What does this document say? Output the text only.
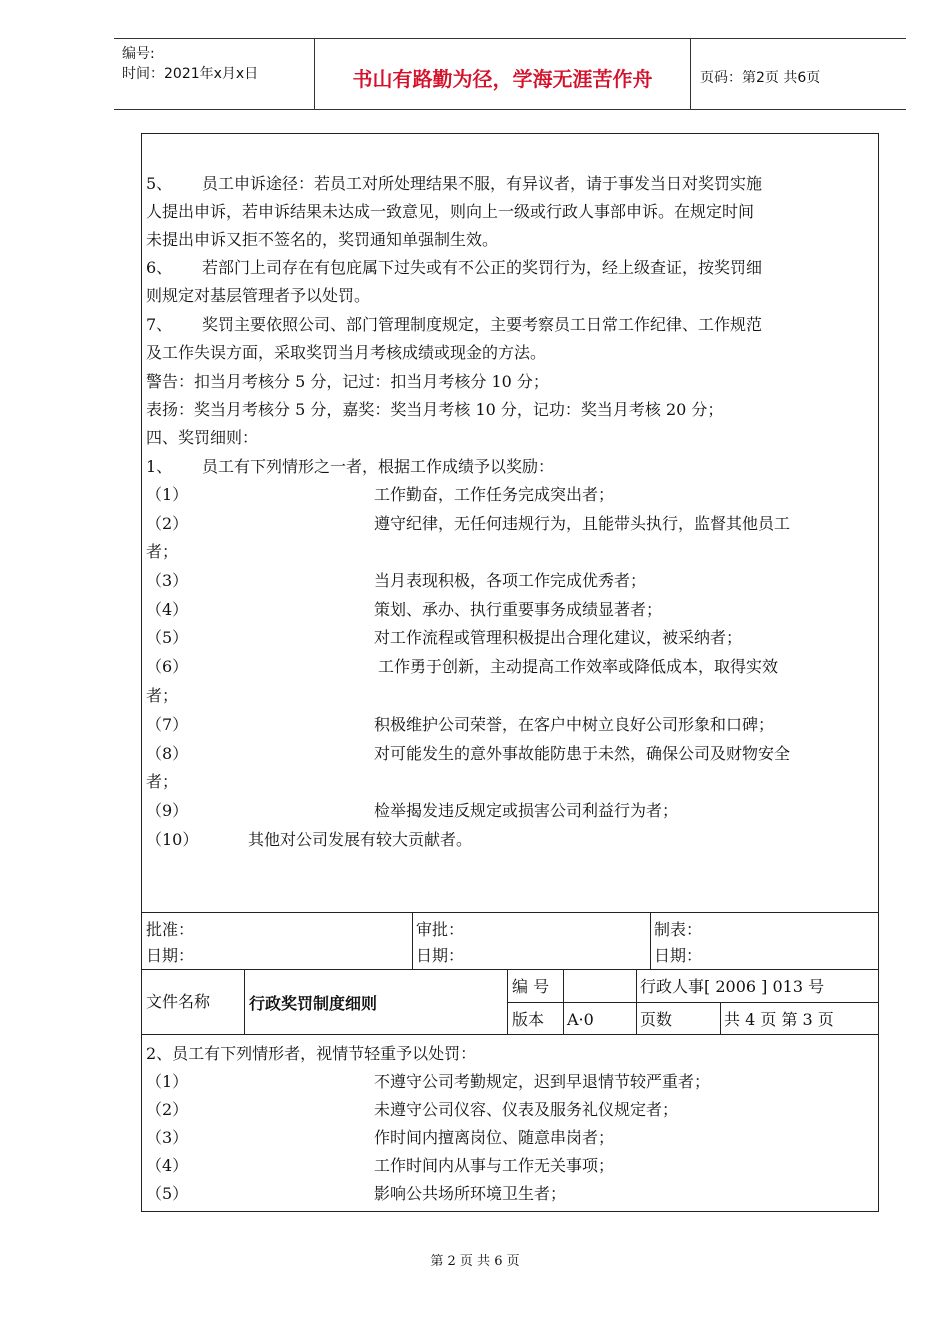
编号:
时间：2021年x月x日	书山有路勤为径，学海无涯苦作舟	页码：第2页 共6页
5、 员工申诉途径：若员工对所处理结果不服，有异议者，请于事发当日对奖罚实施
人提出申诉，若申诉结果未达成一致意见，则向上一级或行政人事部申诉。在规定时间
未提出申诉又拒不签名的，奖罚通知单强制生效。
6、 若部门上司存在有包庇属下过失或有不公正的奖罚行为，经上级查证，按奖罚细
则规定对基层管理者予以处罚。
7、 奖罚主要依照公司、部门管理制度规定，主要考察员工日常工作纪律、工作规范
及工作失误方面，采取奖罚当月考核成绩或现金的方法。
警告：扣当月考核分 5 分，记过：扣当月考核分 10 分；
表扬：奖当月考核分 5 分，嘉奖：奖当月考核 10 分，记功：奖当月考核 20 分；
四、奖罚细则：
1、 员工有下列情形之一者，根据工作成绩予以奖励：
（1）	工作勤奋，工作任务完成突出者；
（2）	遵守纪律，无任何违规行为，且能带头执行，监督其他员工
者；
（3）	当月表现积极，各项工作完成优秀者；
（4）	策划、承办、执行重要事务成绩显著者；
（5）	对工作流程或管理积极提出合理化建议，被采纳者；
（6）	工作勇于创新，主动提高工作效率或降低成本，取得实效
者；
（7）	积极维护公司荣誉，在客户中树立良好公司形象和口碑；
（8）	对可能发生的意外事故能防患于未然，确保公司及财物安全
者；
（9）	检举揭发违反规定或损害公司利益行为者；
（10）	其他对公司发展有较大贡献者。
批准：
日期：
审批：
日期：
制表：
日期：
文件名称 行政奖罚制度细则
编 号	行政人事[ 2006 ] 013 号
版本 A·0	页数	共 4 页 第 3 页
2、员工有下列情形者，视情节轻重予以处罚：
（1）	不遵守公司考勤规定，迟到早退情节较严重者；
（2）	未遵守公司仪容、仪表及服务礼仪规定者；
（3）	作时间内擅离岗位、随意串岗者；
（4）	工作时间内从事与工作无关事项；
（5）	影响公共场所环境卫生者；
第 2 页 共 6 页
